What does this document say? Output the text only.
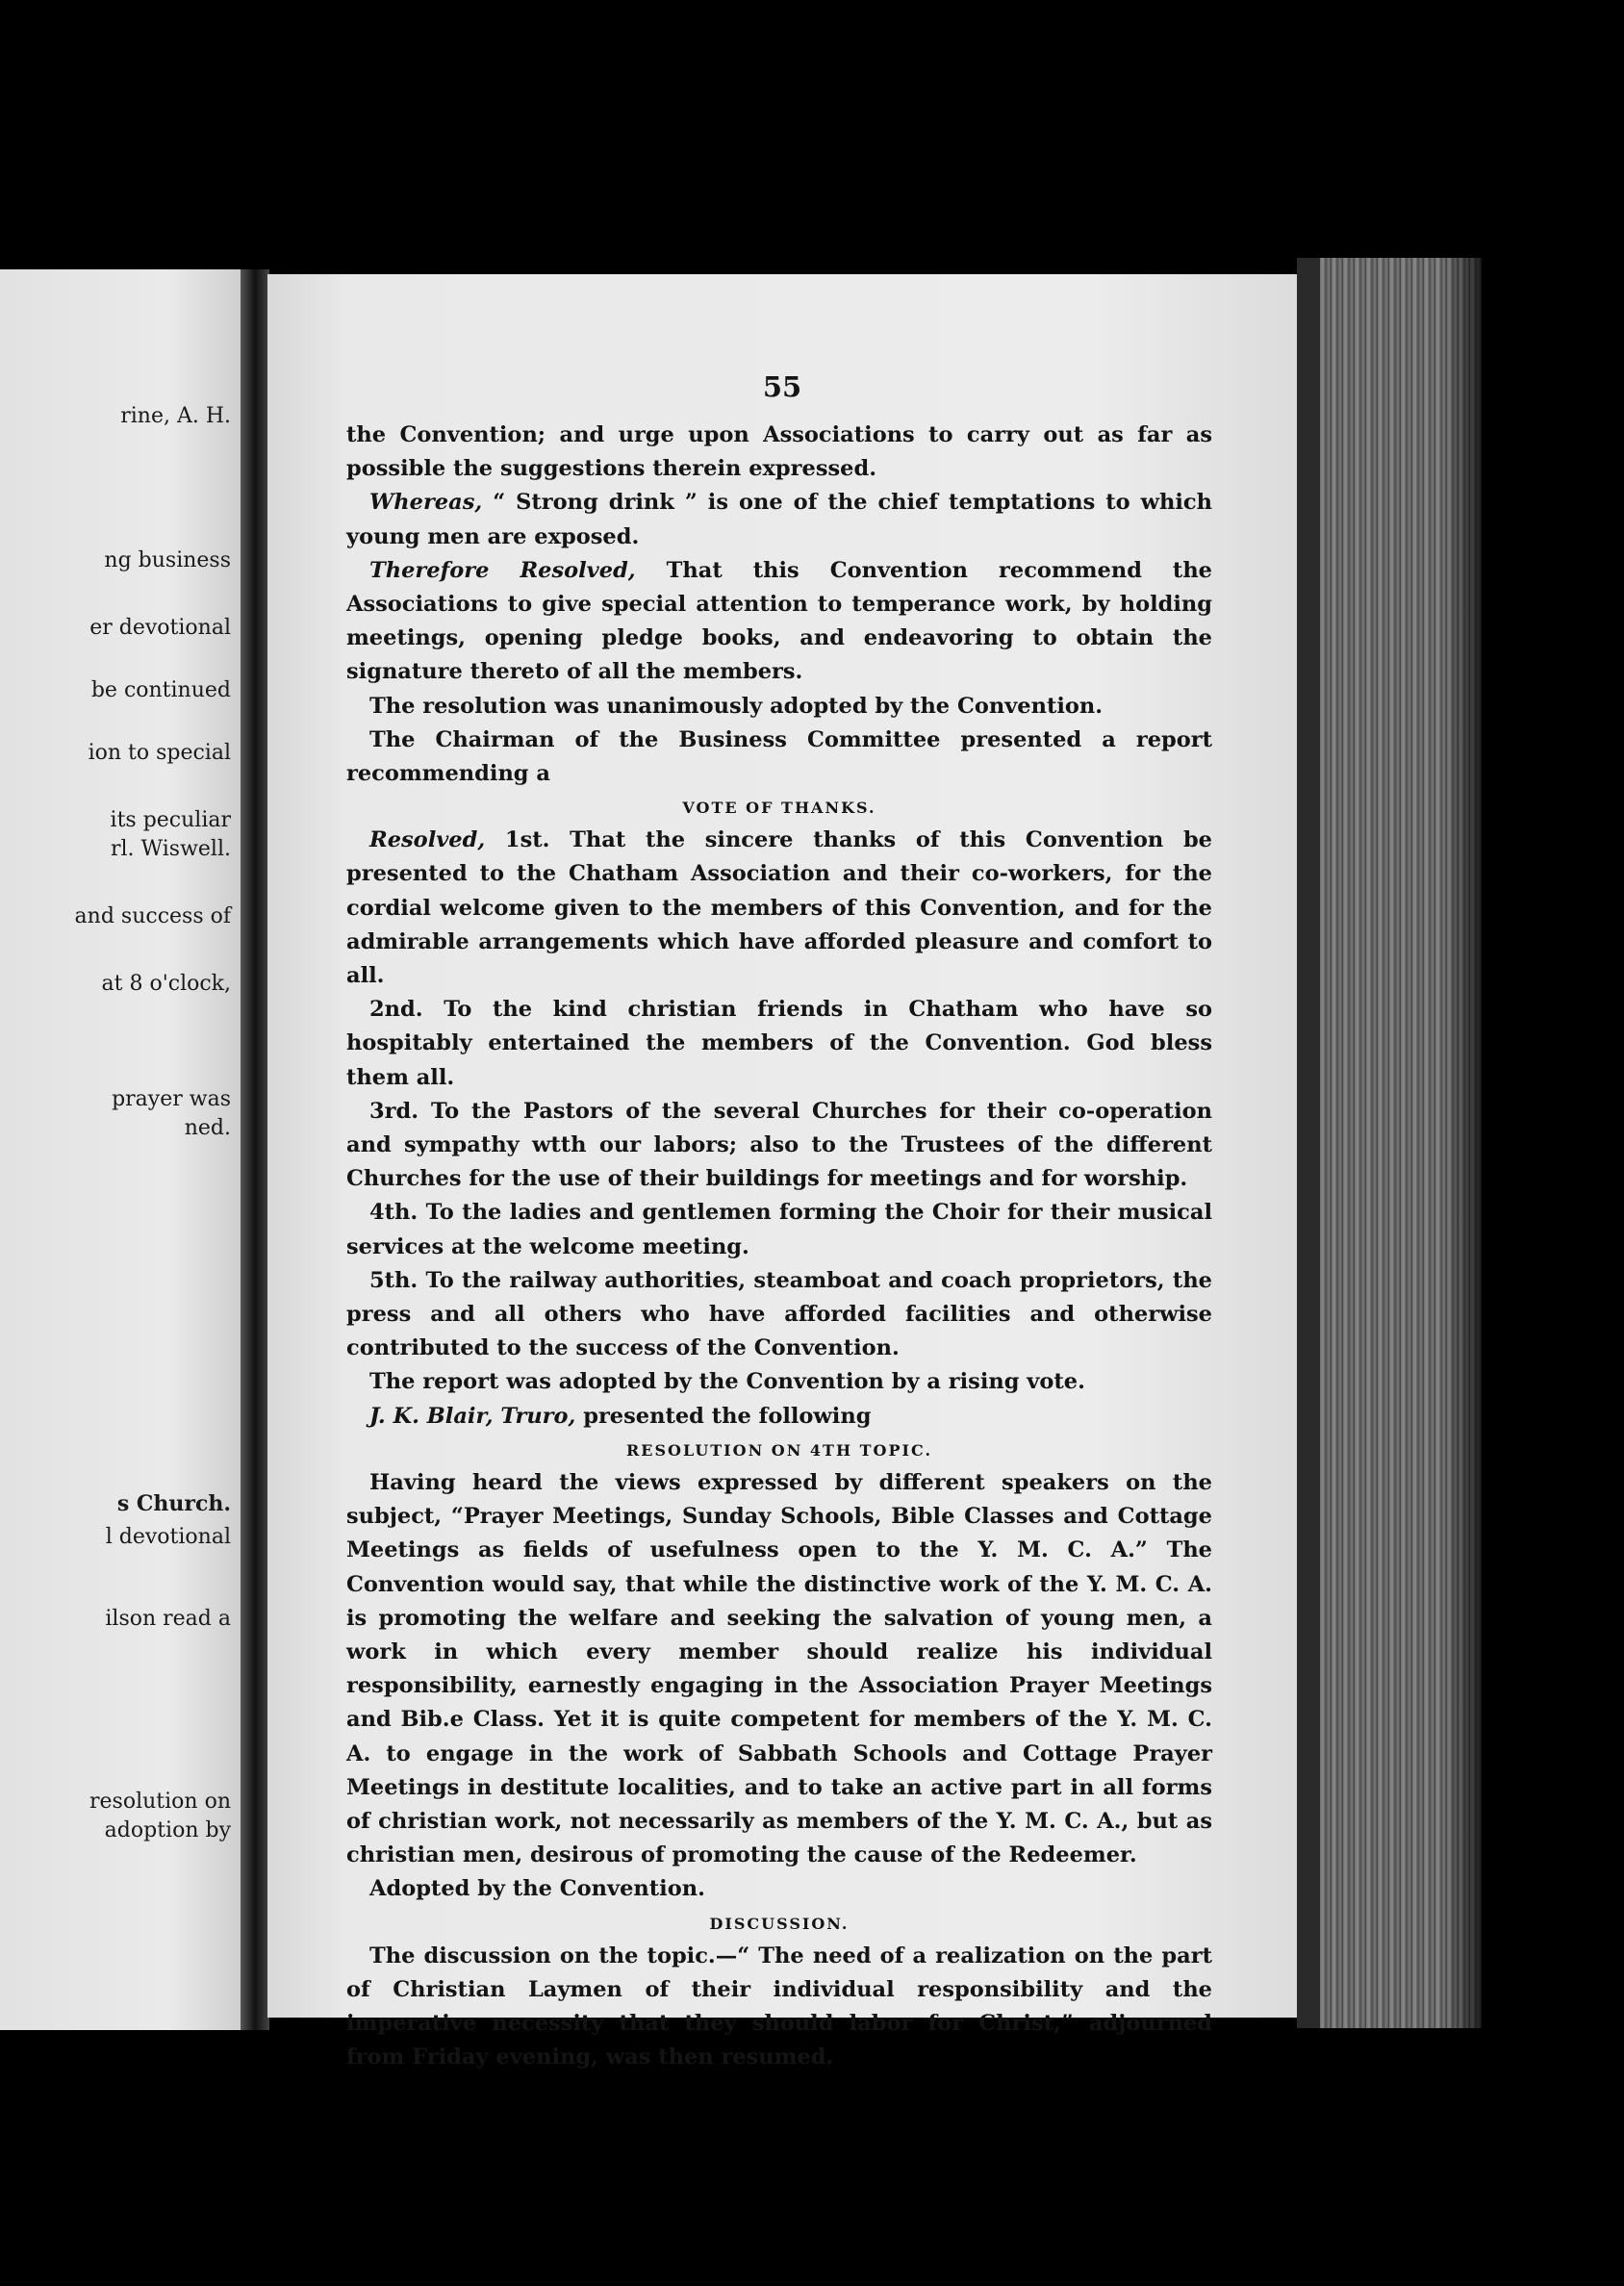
rine, A. H.
ng business
er devotional
be continued
ion to special
its peculiar
rl. Wiswell.
and success of
at 8 o'clock,
prayer was
ned.
s Church.
l devotional
ilson read a
resolution on
adoption by
55

the Convention; and urge upon Associations to carry out as far as possible the suggestions therein expressed.

Whereas, “ Strong drink ” is one of the chief temptations to which young men are exposed.

Therefore Resolved, That this Convention recommend the Associations to give special attention to temperance work, by holding meetings, opening pledge books, and endeavoring to obtain the signature thereto of all the members.

The resolution was unanimously adopted by the Convention.

The Chairman of the Business Committee presented a report recommending a

VOTE OF THANKS.

Resolved, 1st. That the sincere thanks of this Convention be presented to the Chatham Association and their co-workers, for the cordial welcome given to the members of this Convention, and for the admirable arrangements which have afforded pleasure and comfort to all.

2nd. To the kind christian friends in Chatham who have so hospitably entertained the members of the Convention. God bless them all.

3rd. To the Pastors of the several Churches for their co-operation and sympathy wtth our labors; also to the Trustees of the different Churches for the use of their buildings for meetings and for worship.

4th. To the ladies and gentlemen forming the Choir for their musical services at the welcome meeting.

5th. To the railway authorities, steamboat and coach proprietors, the press and all others who have afforded facilities and otherwise contributed to the success of the Convention.

The report was adopted by the Convention by a rising vote.

J. K. Blair, Truro, presented the following

RESOLUTION ON 4TH TOPIC.

Having heard the views expressed by different speakers on the subject, “Prayer Meetings, Sunday Schools, Bible Classes and Cottage Meetings as fields of usefulness open to the Y. M. C. A.” The Convention would say, that while the distinctive work of the Y. M. C. A. is promoting the welfare and seeking the salvation of young men, a work in which every member should realize his individual responsibility, earnestly engaging in the Association Prayer Meetings and Bib.e Class. Yet it is quite competent for members of the Y. M. C. A. to engage in the work of Sabbath Schools and Cottage Prayer Meetings in destitute localities, and to take an active part in all forms of christian work, not necessarily as members of the Y. M. C. A., but as christian men, desirous of promoting the cause of the Redeemer.

Adopted by the Convention.

DISCUSSION.

The discussion on the topic.—“ The need of a realization on the part of Christian Laymen of their individual responsibility and the imperative necessity that they should labor for Christ,” adjourned from Friday evening, was then resumed.
